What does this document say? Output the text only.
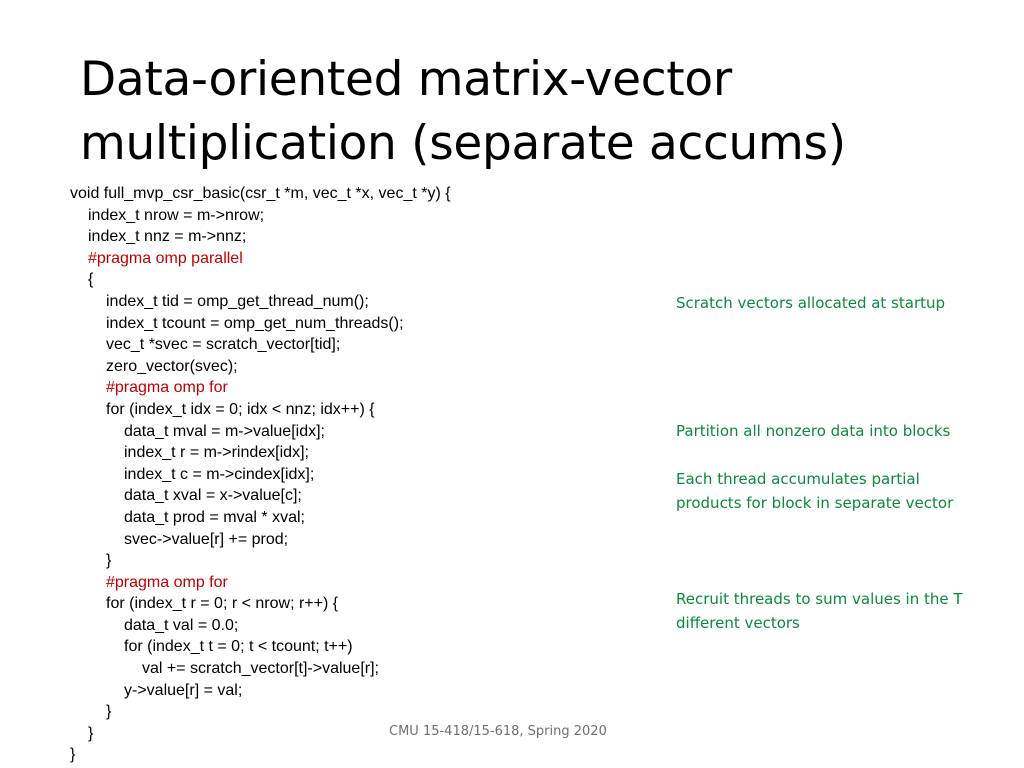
Data-oriented matrix-vector
multiplication (separate accums)
void full_mvp_csr_basic(csr_t *m, vec_t *x, vec_t *y) {
index_t nrow = m->nrow;
index_t nnz = m->nnz;
#pragma omp parallel
{
index_t tid = omp_get_thread_num();
index_t tcount = omp_get_num_threads();
vec_t *svec = scratch_vector[tid];
zero_vector(svec);
#pragma omp for
for (index_t idx = 0; idx < nnz; idx++) {
data_t mval = m->value[idx];
index_t r = m->rindex[idx];
index_t c = m->cindex[idx];
data_t xval = x->value[c];
data_t prod = mval * xval;
svec->value[r] += prod;
}
#pragma omp for
for (index_t r = 0; r < nrow; r++) {
data_t val = 0.0;
for (index_t t = 0; t < tcount; t++)
val += scratch_vector[t]->value[r];
y->value[r] = val;
}
}
}
Scratch vectors allocated at startup
Partition all nonzero data into blocks
Each thread accumulates partial
products for block in separate vector
Recruit threads to sum values in the T
different vectors
CMU 15-418/15-618, Spring 2020
